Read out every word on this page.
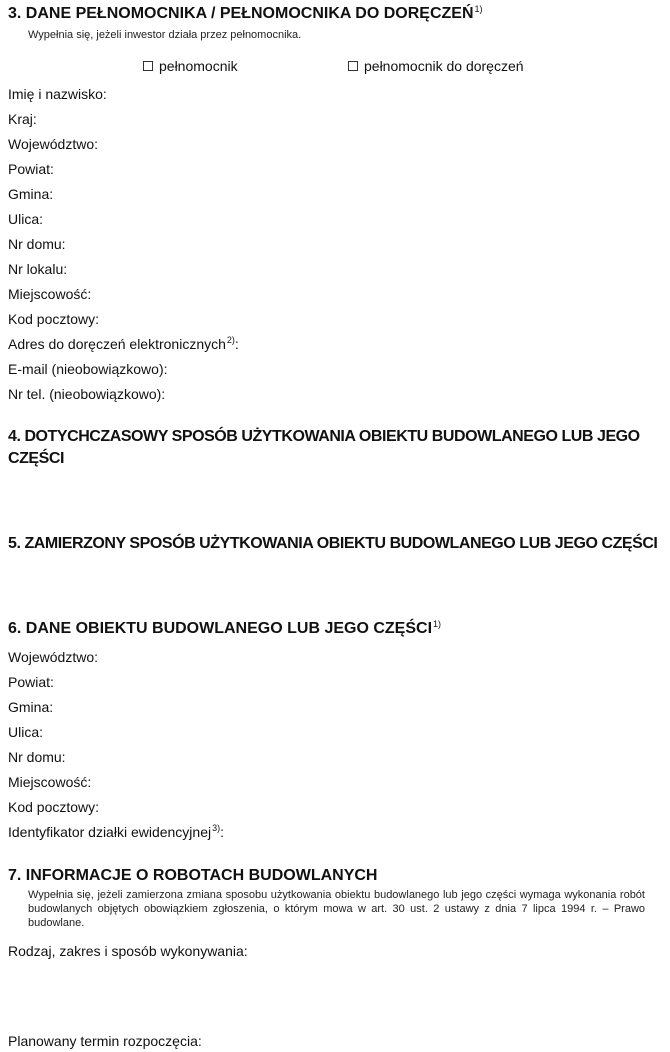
3. DANE PEŁNOMOCNIKA / PEŁNOMOCNIKA DO DORĘCZEŃ$^{1)}$
Wypełnia się, jeżeli inwestor działa przez pełnomocnika.
pełnomocnik	pełnomocnik do doręczeń
Imię i nazwisko:
Kraj:
Województwo:
Powiat:
Gmina:
Ulica:
Nr domu:
Nr lokalu:
Miejscowość:
Kod pocztowy:
Adres do doręczeń elektronicznych$^{2)}$:
E-mail (nieobowiązkowo):
Nr tel. (nieobowiązkowo):
4. DOTYCHCZASOWY SPOSÓB UŻYTKOWANIA OBIEKTU BUDOWLANEGO LUB JEGO
CZĘŚCI
5. ZAMIERZONY SPOSÓB UŻYTKOWANIA OBIEKTU BUDOWLANEGO LUB JEGO CZĘŚCI
6. DANE OBIEKTU BUDOWLANEGO LUB JEGO CZĘŚCI$^{1)}$
Województwo:
Powiat:
Gmina:
Ulica:
Nr domu:
Miejscowość:
Kod pocztowy:
Identyfikator działki ewidencyjnej$^{3)}$:
7. INFORMACJE O ROBOTACH BUDOWLANYCH
Wypełnia się, jeżeli zamierzona zmiana sposobu użytkowania obiektu budowlanego lub jego części wymaga wykonania robót budowlanych objętych obowiązkiem zgłoszenia, o którym mowa w art. 30 ust. 2 ustawy z dnia 7 lipca 1994 r. – Prawo budowlane.
Rodzaj, zakres i sposób wykonywania:
Planowany termin rozpoczęcia:
